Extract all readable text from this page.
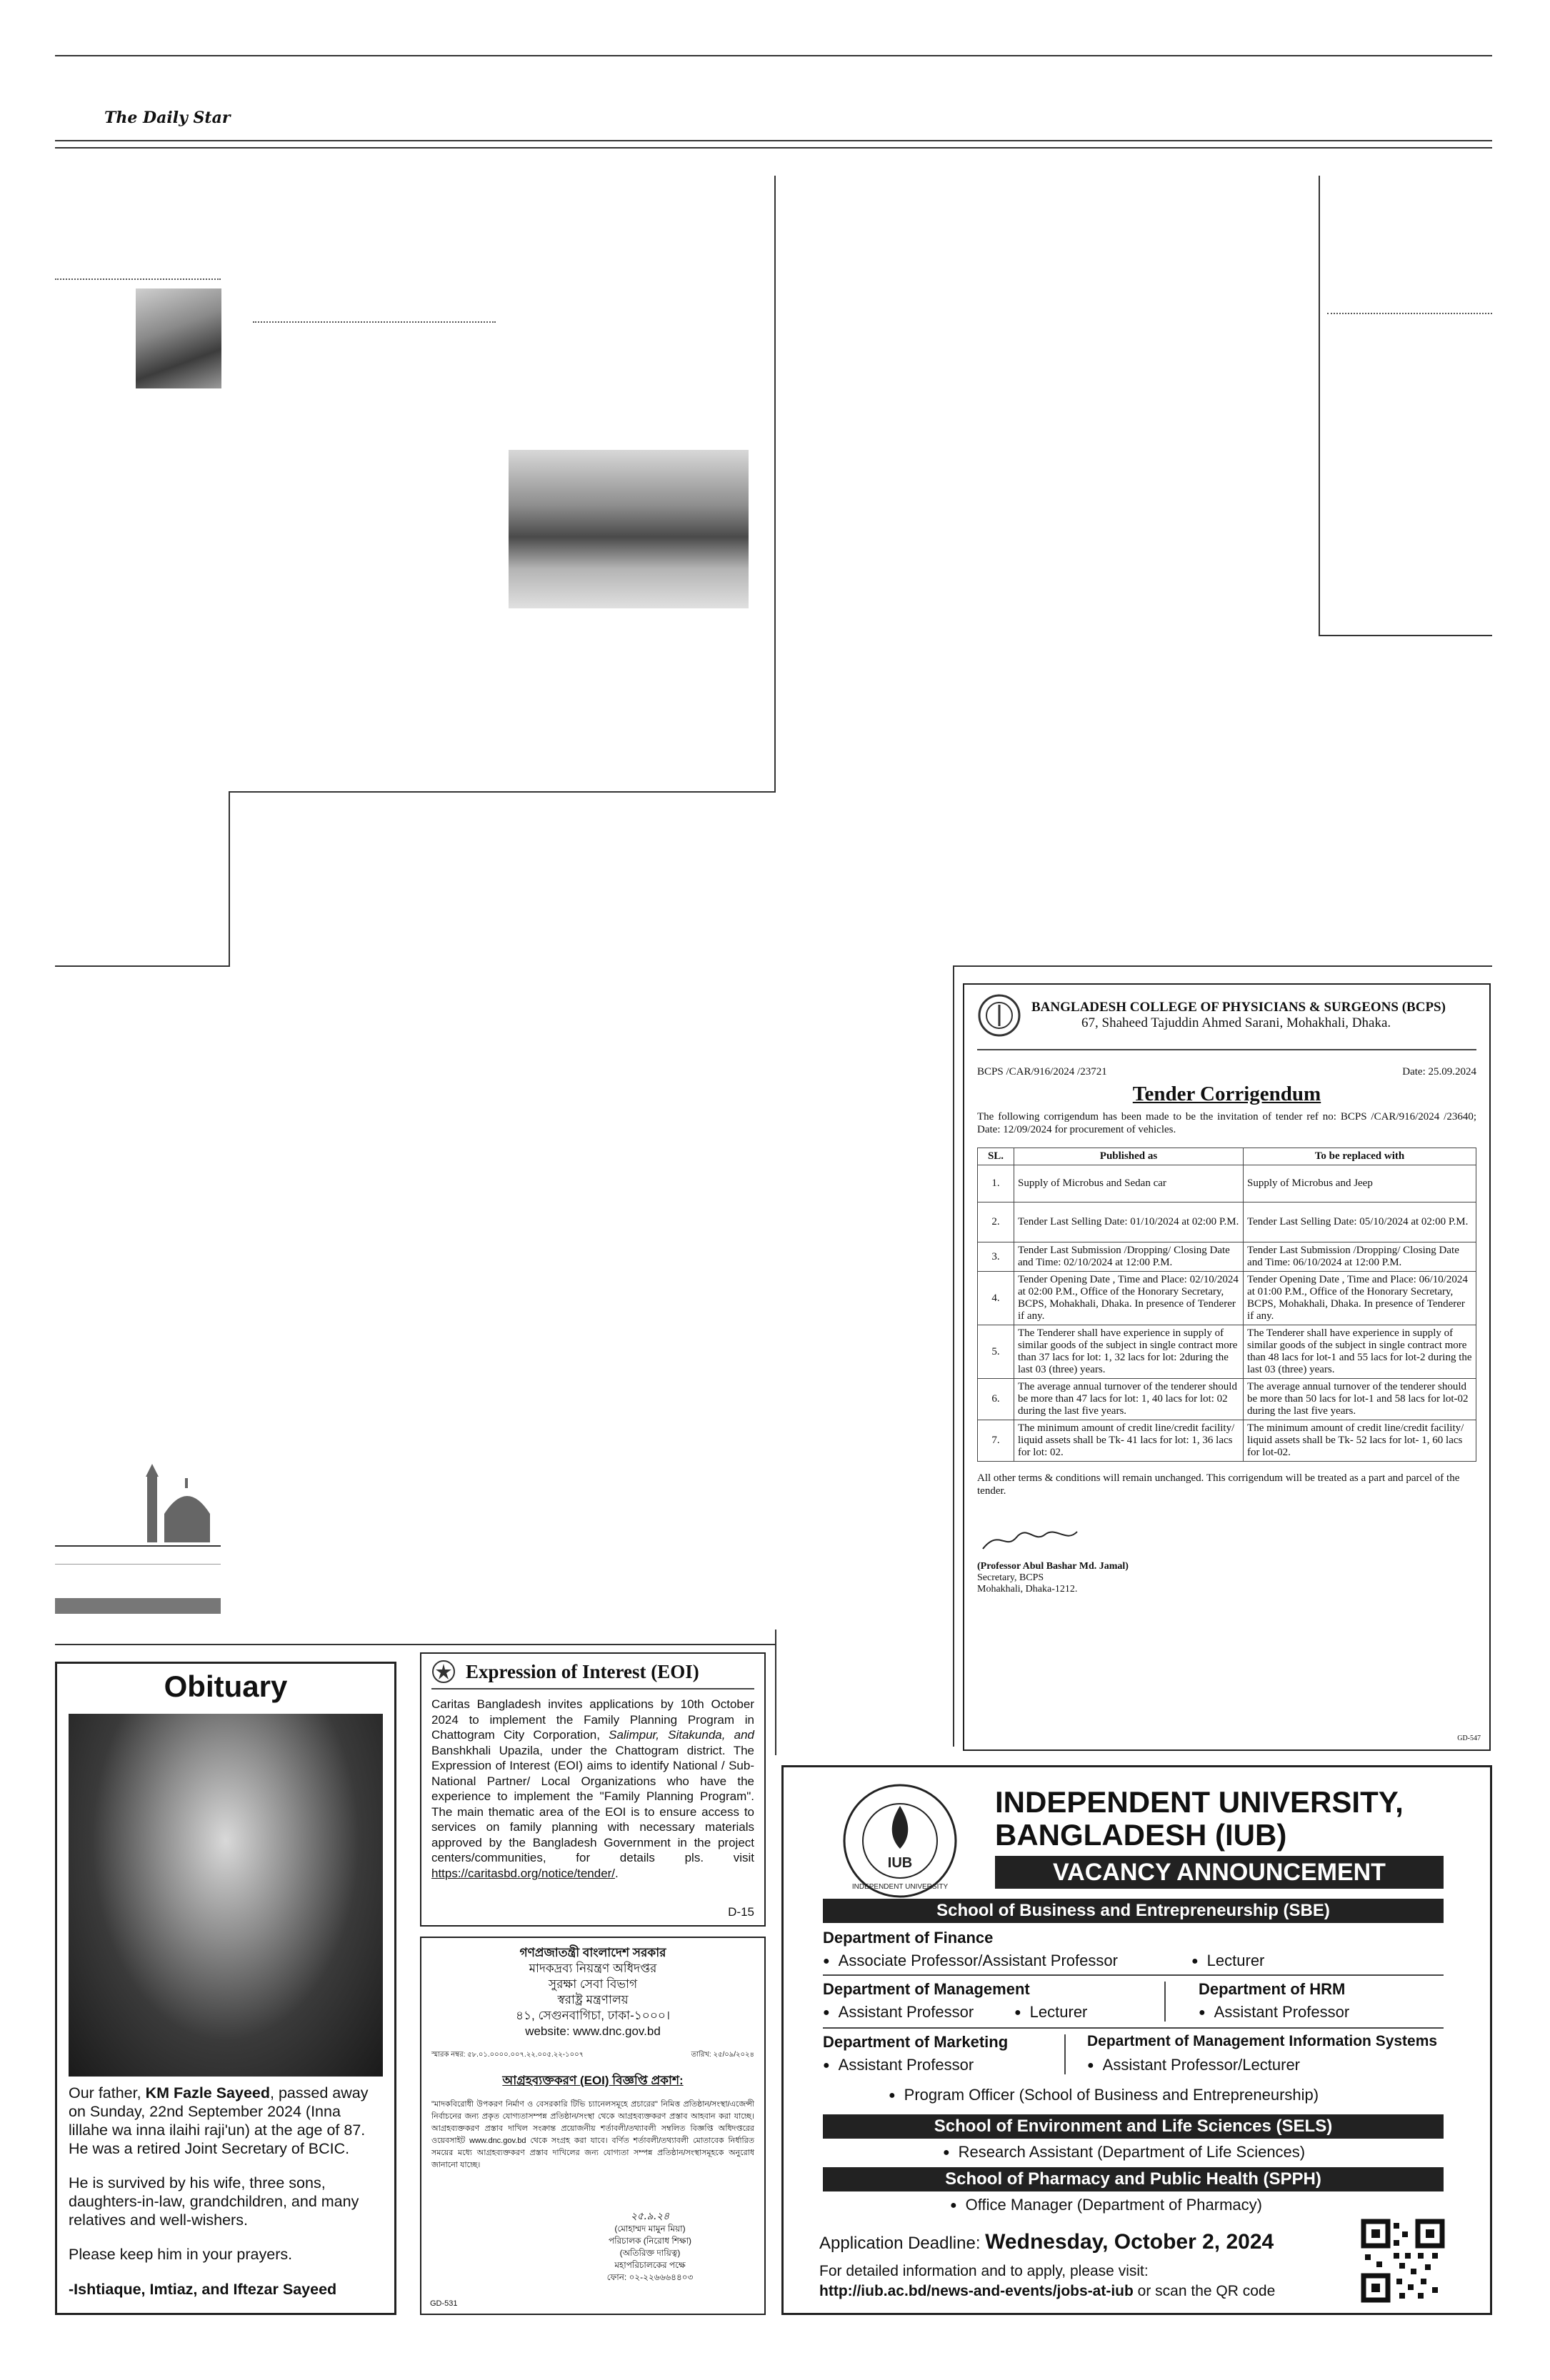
The Daily Star
BANGLADESH COLLEGE OF PHYSICIANS & SURGEONS (BCPS)
67, Shaheed Tajuddin Ahmed Sarani, Mohakhali, Dhaka.
BCPS /CAR/916/2024 /23721	Date: 25.09.2024
Tender Corrigendum
The following corrigendum has been made to be the invitation of tender ref no: BCPS /CAR/916/2024 /23640; Date: 12/09/2024 for procurement of vehicles.
SL.	Published as	To be replaced with
1.	Supply of Microbus and Sedan car	Supply of Microbus and Jeep
2.	Tender Last Selling Date: 01/10/2024 at 02:00 P.M.	Tender Last Selling Date: 05/10/2024 at 02:00 P.M.
3.	Tender Last Submission /Dropping/ Closing Date and Time: 02/10/2024 at 12:00 P.M.	Tender Last Submission /Dropping/ Closing Date and Time: 06/10/2024 at 12:00 P.M.
4.	Tender Opening Date , Time and Place: 02/10/2024 at 02:00 P.M., Office of the Honorary Secretary, BCPS, Mohakhali, Dhaka. In presence of Tenderer if any.	Tender Opening Date , Time and Place: 06/10/2024 at 01:00 P.M., Office of the Honorary Secretary, BCPS, Mohakhali, Dhaka. In presence of Tenderer if any.
5.	The Tenderer shall have experience in supply of similar goods of the subject in single contract more than 37 lacs for lot: 1, 32 lacs for lot: 2during the last 03 (three) years.	The Tenderer shall have experience in supply of similar goods of the subject in single contract more than 48 lacs for lot-1 and 55 lacs for lot-2 during the last 03 (three) years.
6.	The average annual turnover of the tenderer should be more than 47 lacs for lot: 1, 40 lacs for lot: 02 during the last five years.	The average annual turnover of the tenderer should be more than 50 lacs for lot-1 and 58 lacs for lot-02 during the last five years.
7.	The minimum amount of credit line/credit facility/ liquid assets shall be Tk- 41 lacs for lot: 1, 36 lacs for lot: 02.	The minimum amount of credit line/credit facility/ liquid assets shall be Tk- 52 lacs for lot- 1, 60 lacs for lot-02.
All other terms & conditions will remain unchanged. This corrigendum will be treated as a part and parcel of the tender.
(Professor Abul Bashar Md. Jamal)
Secretary, BCPS
Mohakhali, Dhaka-1212.
GD-547
IUB
INDEPENDENT UNIVERSITY
INDEPENDENT UNIVERSITY,
BANGLADESH (IUB)
VACANCY ANNOUNCEMENT
School of Business and Entrepreneurship (SBE)
Department of Finance
● Associate Professor/Assistant Professor	● Lecturer
Department of Management
● Assistant Professor	● Lecturer
Department of HRM
● Assistant Professor
Department of Marketing
● Assistant Professor
Department of Management Information Systems
● Assistant Professor/Lecturer
● Program Officer (School of Business and Entrepreneurship)
School of Environment and Life Sciences (SELS)
● Research Assistant (Department of Life Sciences)
School of Pharmacy and Public Health (SPPH)
● Office Manager (Department of Pharmacy)
Application Deadline: Wednesday, October 2, 2024
For detailed information and to apply, please visit:
http://iub.ac.bd/news-and-events/jobs-at-iub or scan the QR code
Obituary
Our father, KM Fazle Sayeed, passed away on Sunday, 22nd September 2024 (Inna lillahe wa inna ilaihi raji'un) at the age of 87. He was a retired Joint Secretary of BCIC.
He is survived by his wife, three sons, daughters-in-law, grandchildren, and many relatives and well-wishers.
Please keep him in your prayers.
-Ishtiaque, Imtiaz, and Iftezar Sayeed
Expression of Interest (EOI)
Caritas Bangladesh invites applications by 10th October 2024 to implement the Family Planning Program in Chattogram City Corporation, Salimpur, Sitakunda, and Banshkhali Upazila, under the Chattogram district. The Expression of Interest (EOI) aims to identify National / Sub-National Partner/ Local Organizations who have the experience to implement the "Family Planning Program". The main thematic area of the EOI is to ensure access to services on family planning with necessary materials approved by the Bangladesh Government in the project centers/communities, for details pls. visit https://caritasbd.org/notice/tender/.
D-15
গণপ্রজাতন্ত্রী বাংলাদেশ সরকার
মাদকদ্রব্য নিয়ন্ত্রণ অধিদপ্তর
সুরক্ষা সেবা বিভাগ
স্বরাষ্ট্র মন্ত্রণালয়
৪১, সেগুনবাগিচা, ঢাকা-১০০০।
website: www.dnc.gov.bd
স্মারক নম্বর: ৫৮.০১.০০০০.০০৭.২২.০০৫.২২-১০০৭	তারিখ: ২৫/০৯/২০২৪
আগ্রহব্যক্তকরণ (EOI) বিজ্ঞপ্তি প্রকাশ:
"মাদকবিরোধী উপকরণ নির্মাণ ও বেসরকারি টিভি চ্যানেলসমূহে প্রচারের" নিমিত্ত প্রতিষ্ঠান/সংস্থা/এজেন্সী নির্বাচনের জন্য প্রকৃত যোগ্যতাসম্পন্ন প্রতিষ্ঠান/সংস্থা থেকে আগ্রহব্যক্তকরণ প্রস্তাব আহবান করা যাচ্ছে। আগ্রহব্যক্তকরণ প্রস্তাব দাখিল সংক্রান্ত প্রয়োজনীয় শর্তাবলী/তথ্যাবলী সম্বলিত বিজ্ঞপ্তি অধিদপ্তরের ওয়েবসাইট www.dnc.gov.bd থেকে সংগ্রহ করা যাবে। বর্ণিত শর্তাবলী/তথ্যাবলী মোতাবেক নির্ধারিত সময়ের মধ্যে আগ্রহব্যক্তকরণ প্রস্তাব দাখিলের জন্য যোগ্যতা সম্পন্ন প্রতিষ্ঠান/সংস্থাসমূহকে অনুরোধ জানানো যাচ্ছে।
২৫.৯.২৪
(মোহাম্মদ মামুন মিয়া)
পরিচালক (নিরোধ শিক্ষা)
(অতিরিক্ত দায়িত্ব)
মহাপরিচালকের পক্ষে
ফোন: ০২-২২৬৬৬৪৪০৩
GD-531
